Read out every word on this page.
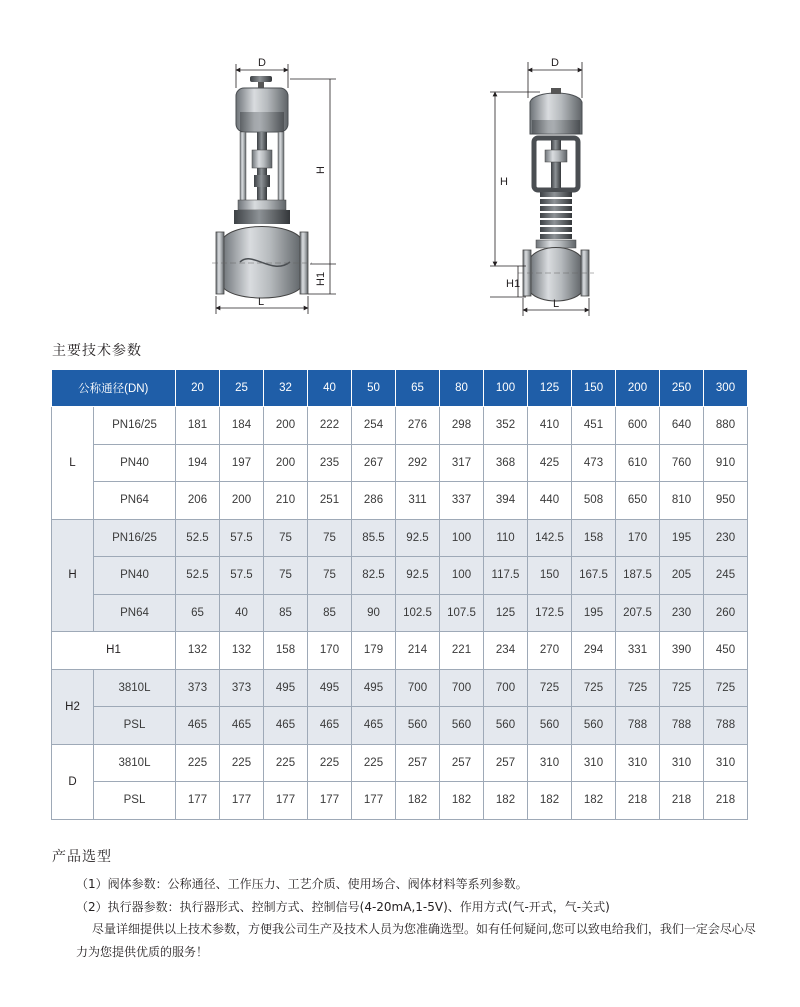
D
H
H1
L
D
H
H1
L
主要技术参数
公称通径(DN)		20	25	32	40	50	65	80	100	125	150	200	250	300
L	PN16/25	181	184	200	222	254	276	298	352	410	451	600	640	880
	PN40	194	197	200	235	267	292	317	368	425	473	610	760	910
	PN64	206	200	210	251	286	311	337	394	440	508	650	810	950
H	PN16/25	52.5	57.5	75	75	85.5	92.5	100	110	142.5	158	170	195	230
	PN40	52.5	57.5	75	75	82.5	92.5	100	117.5	150	167.5	187.5	205	245
	PN64	65	40	85	85	90	102.5	107.5	125	172.5	195	207.5	230	260
H1		132	132	158	170	179	214	221	234	270	294	331	390	450
H2	3810L	373	373	495	495	495	700	700	700	725	725	725	725	725
	PSL	465	465	465	465	465	560	560	560	560	560	788	788	788
D	3810L	225	225	225	225	225	257	257	257	310	310	310	310	310
	PSL	177	177	177	177	177	182	182	182	182	182	218	218	218
产品选型

（1）阀体参数：公称通径、工作压力、工艺介质、使用场合、阀体材料等系列参数。

（2）执行器参数：执行器形式、控制方式、控制信号(4-20mA,1-5V)、作用方式(气-开式，气-关式)

尽量详细提供以上技术参数，方便我公司生产及技术人员为您准确选型。如有任何疑问,您可以致电给我们，我们一定会尽心尽力为您提供优质的服务！
